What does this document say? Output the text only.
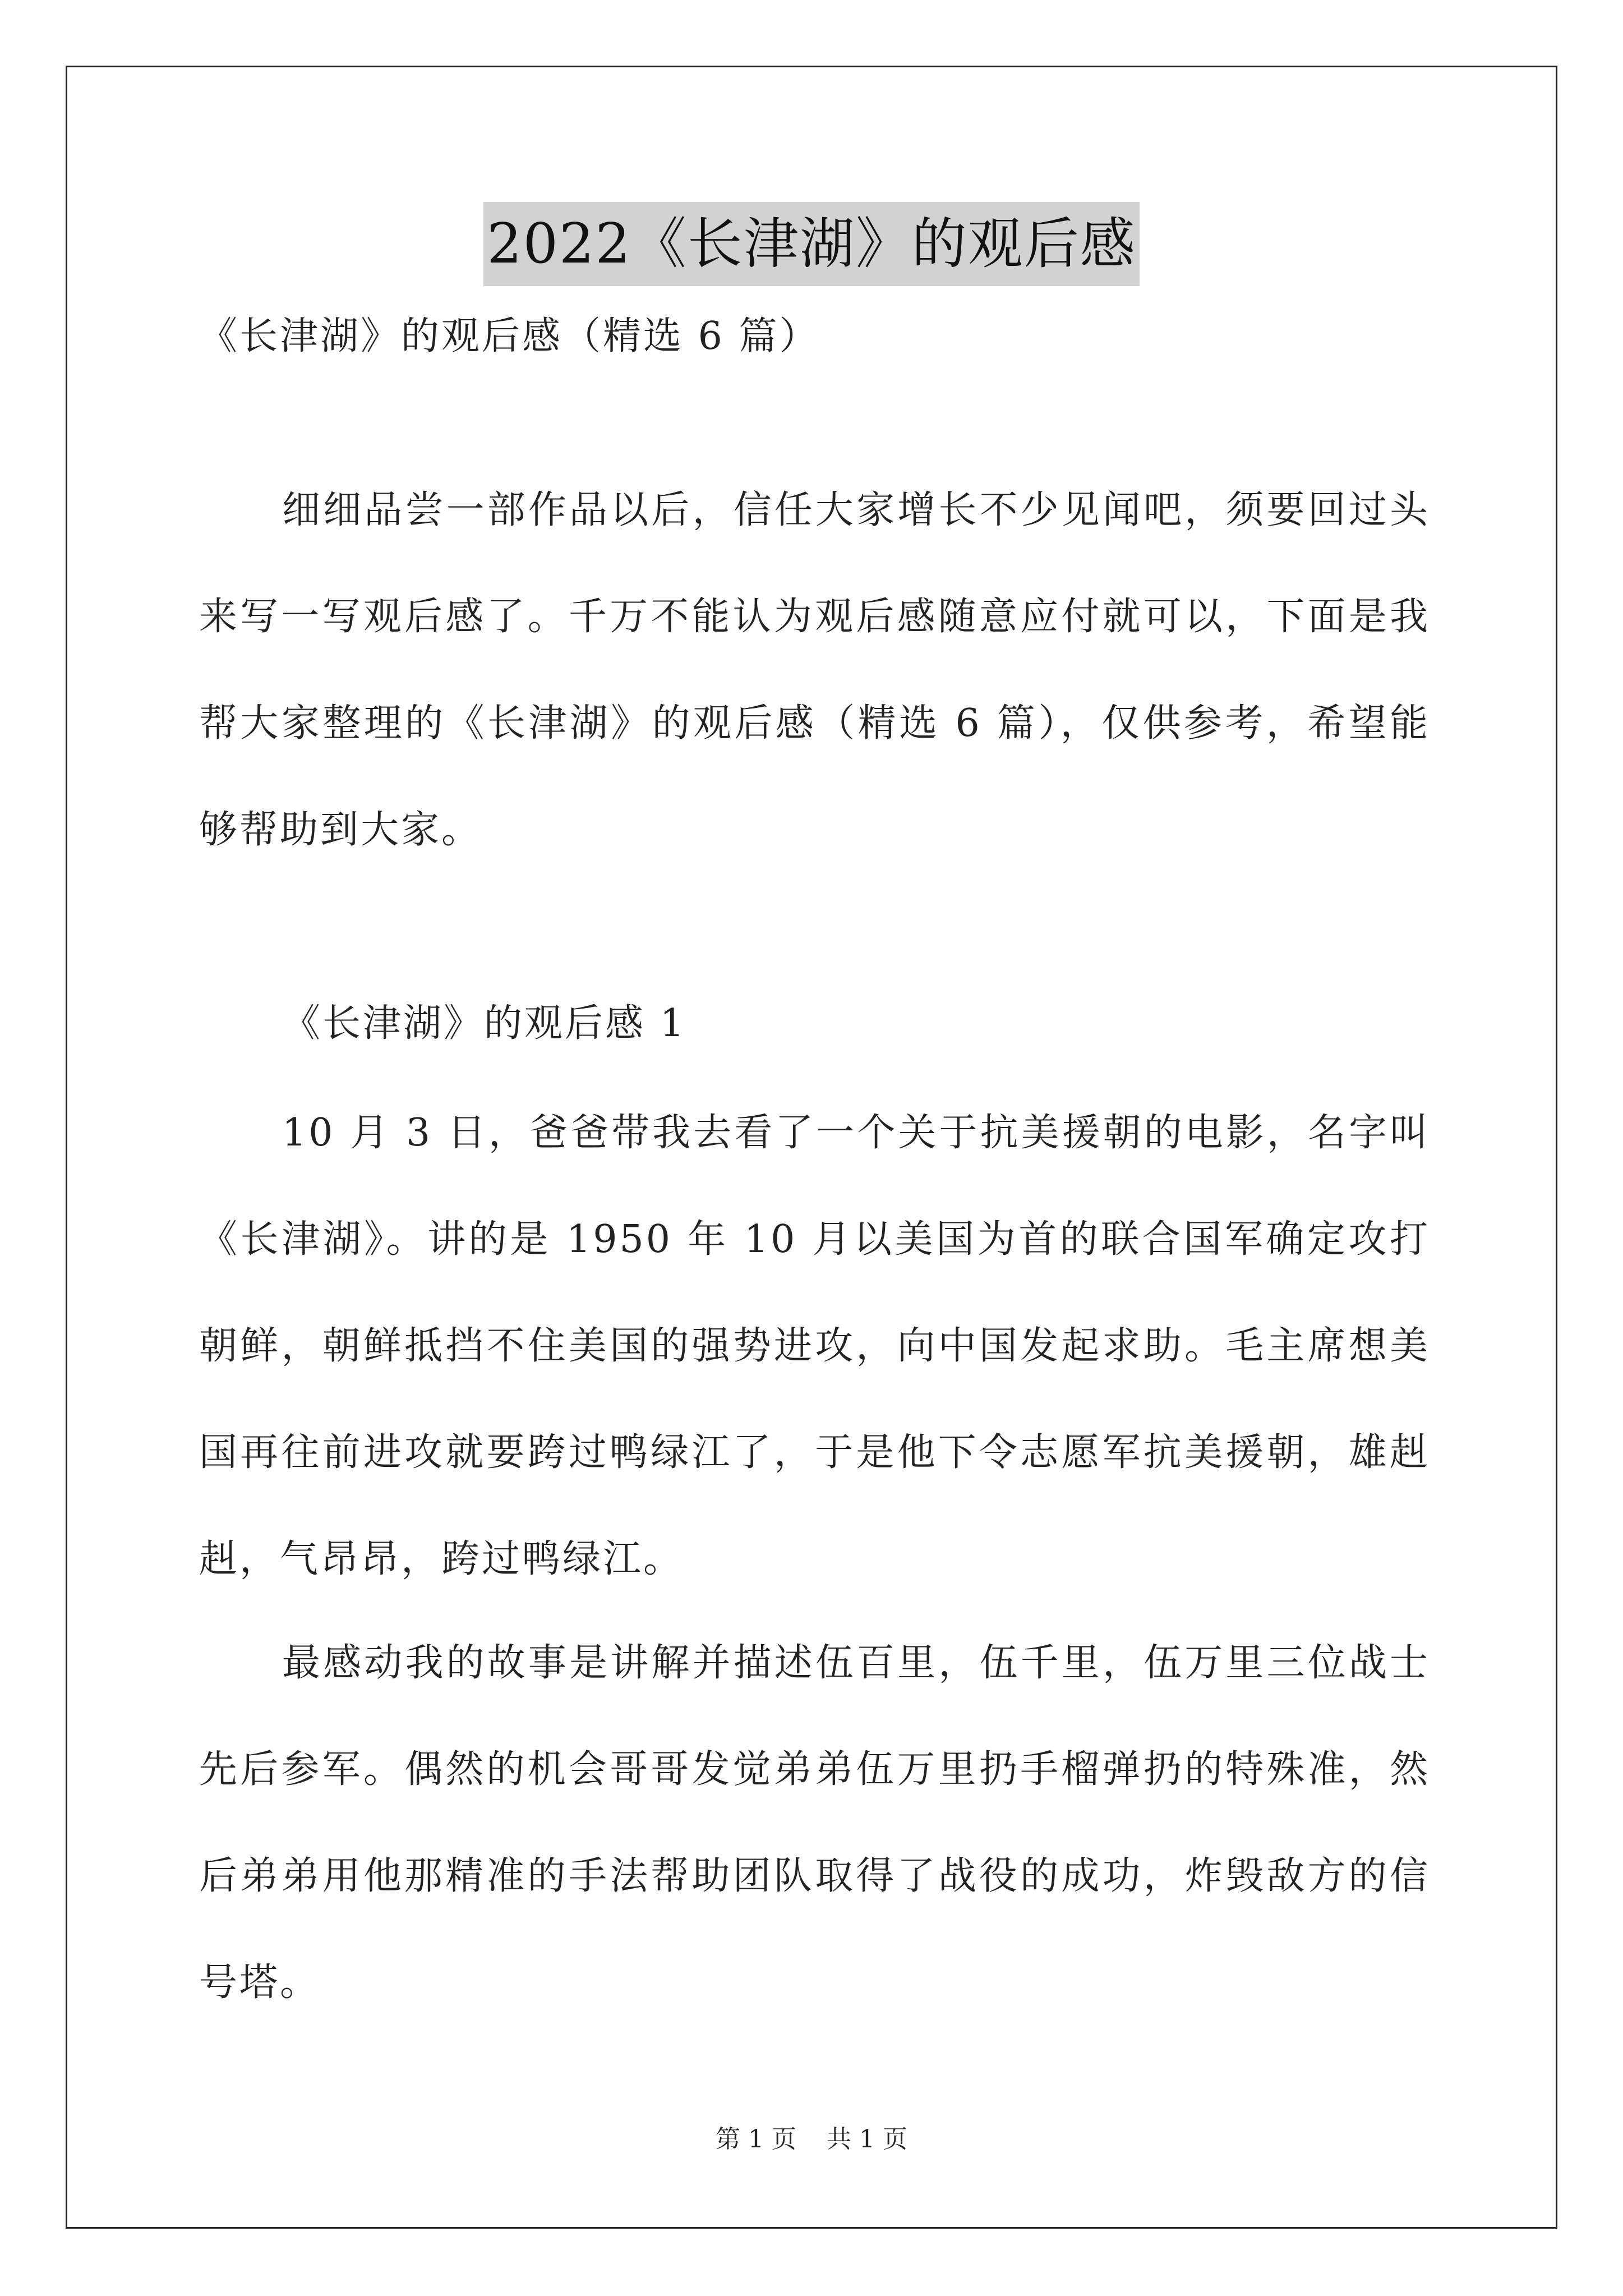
2022《长津湖》的观后感
《长津湖》的观后感（精选 6 篇）
细细品尝一部作品以后，信任大家增长不少见闻吧，须要回过头来写一写观后感了。千万不能认为观后感随意应付就可以，下面是我帮大家整理的《长津湖》的观后感（精选 6 篇），仅供参考，希望能够帮助到大家。
《长津湖》的观后感 1
10 月 3 日，爸爸带我去看了一个关于抗美援朝的电影，名字叫《长津湖》。讲的是 1950 年 10 月以美国为首的联合国军确定攻打朝鲜，朝鲜抵挡不住美国的强势进攻，向中国发起求助。毛主席想美国再往前进攻就要跨过鸭绿江了，于是他下令志愿军抗美援朝，雄赳赳，气昂昂，跨过鸭绿江。
最感动我的故事是讲解并描述伍百里，伍千里，伍万里三位战士先后参军。偶然的机会哥哥发觉弟弟伍万里扔手榴弹扔的特殊准，然后弟弟用他那精准的手法帮助团队取得了战役的成功，炸毁敌方的信号塔。
第 1 页 共 1 页
